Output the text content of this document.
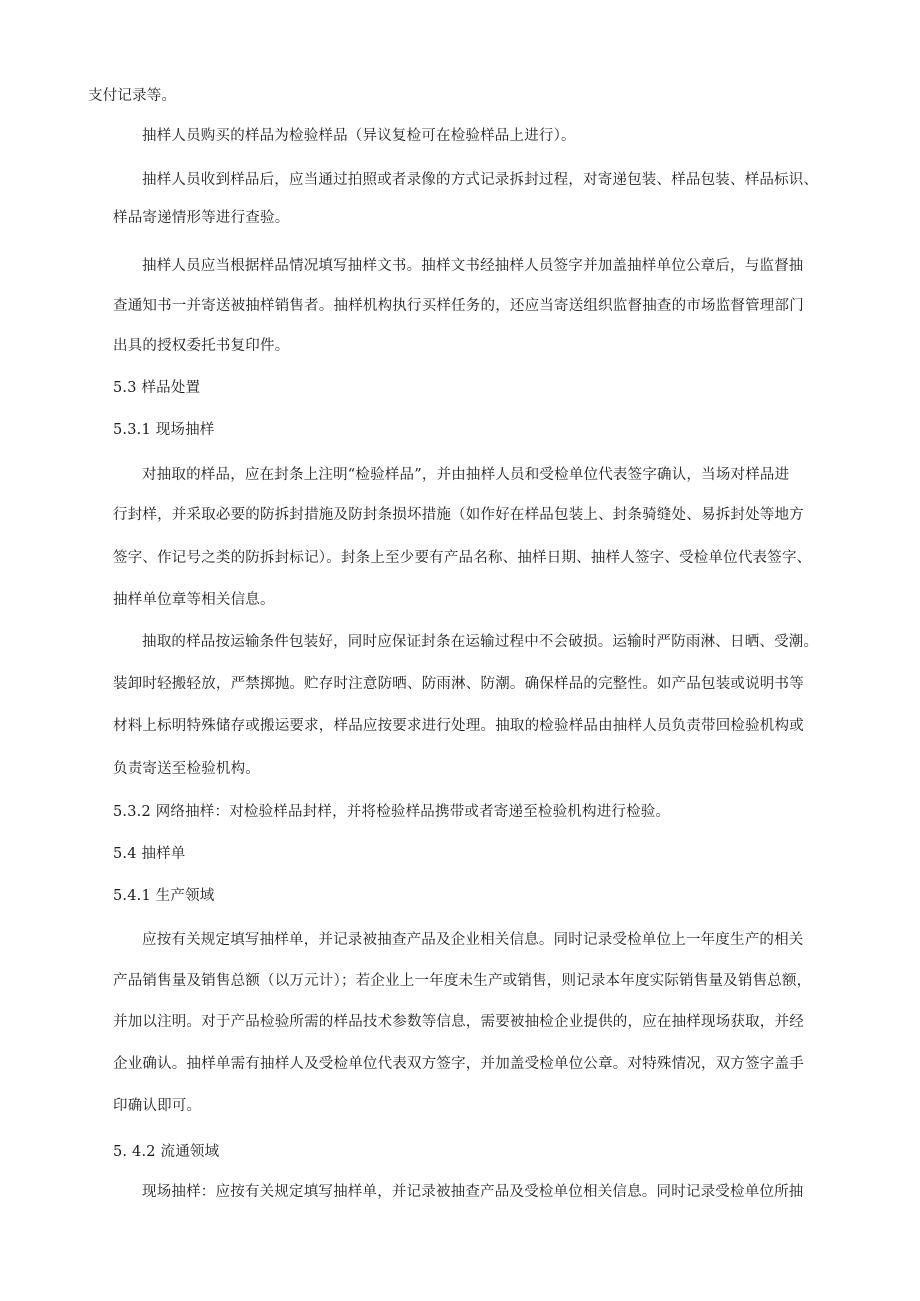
支付记录等。
抽样人员购买的样品为检验样品（异议复检可在检验样品上进行）。
抽样人员收到样品后，应当通过拍照或者录像的方式记录拆封过程，对寄递包装、样品包装、样品标识、
样品寄递情形等进行查验。
抽样人员应当根据样品情况填写抽样文书。抽样文书经抽样人员签字并加盖抽样单位公章后，与监督抽
查通知书一并寄送被抽样销售者。抽样机构执行买样任务的，还应当寄送组织监督抽查的市场监督管理部门
出具的授权委托书复印件。
5.3 样品处置
5.3.1 现场抽样
对抽取的样品，应在封条上注明“检验样品”，并由抽样人员和受检单位代表签字确认，当场对样品进
行封样，并采取必要的防拆封措施及防封条损坏措施（如作好在样品包装上、封条骑缝处、易拆封处等地方
签字、作记号之类的防拆封标记）。封条上至少要有产品名称、抽样日期、抽样人签字、受检单位代表签字、
抽样单位章等相关信息。
抽取的样品按运输条件包装好，同时应保证封条在运输过程中不会破损。运输时严防雨淋、日晒、受潮。
装卸时轻搬轻放，严禁掷抛。贮存时注意防晒、防雨淋、防潮。确保样品的完整性。如产品包装或说明书等
材料上标明特殊储存或搬运要求，样品应按要求进行处理。抽取的检验样品由抽样人员负责带回检验机构或
负责寄送至检验机构。
5.3.2 网络抽样：对检验样品封样，并将检验样品携带或者寄递至检验机构进行检验。
5.4 抽样单
5.4.1 生产领域
应按有关规定填写抽样单，并记录被抽查产品及企业相关信息。同时记录受检单位上一年度生产的相关
产品销售量及销售总额（以万元计）；若企业上一年度未生产或销售，则记录本年度实际销售量及销售总额，
并加以注明。对于产品检验所需的样品技术参数等信息，需要被抽检企业提供的，应在抽样现场获取，并经
企业确认。抽样单需有抽样人及受检单位代表双方签字，并加盖受检单位公章。对特殊情况，双方签字盖手
印确认即可。
5. 4.2 流通领域
现场抽样：应按有关规定填写抽样单，并记录被抽查产品及受检单位相关信息。同时记录受检单位所抽
